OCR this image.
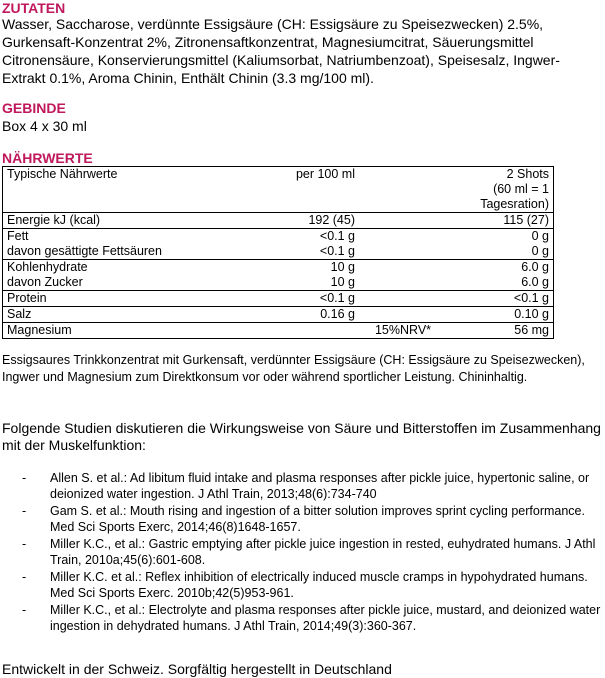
ZUTATEN

Wasser, Saccharose, verdünnte Essigsäure (CH: Essigsäure zu Speisezwecken) 2.5%, Gurkensaft-Konzentrat 2%, Zitronensaftkonzentrat, Magnesiumcitrat, Säuerungsmittel Citronensäure, Konservierungsmittel (Kaliumsorbat, Natriumbenzoat), Speisesalz, Ingwer-Extrakt 0.1%, Aroma Chinin, Enthält Chinin (3.3 mg/100 ml).

GEBINDE

Box 4 x 30 ml

NÄHRWERTE
Typische Nährwerte	per 100 ml		2 Shots
			(60 ml = 1 Tagesration)
Energie kJ (kcal)	192 (45)		115 (27)
Fett	<0.1 g		0 g
davon gesättigte Fettsäuren	<0.1 g		0 g
Kohlenhydrate	10 g		6.0 g
davon Zucker	10 g		6.0 g
Protein	<0.1 g		<0.1 g
Salz	0.16 g		0.10 g
Magnesium		15%NRV*	56 mg

Essigsaures Trinkkonzentrat mit Gurkensaft, verdünnter Essigsäure (CH: Essigsäure zu Speisezwecken), Ingwer und Magnesium zum Direktkonsum vor oder während sportlicher Leistung. Chininhaltig.

Folgende Studien diskutieren die Wirkungsweise von Säure und Bitterstoffen im Zusammenhang mit der Muskelfunktion:

- Allen S. et al.: Ad libitum fluid intake and plasma responses after pickle juice, hypertonic saline, or deionized water ingestion. J Athl Train, 2013;48(6):734-740
- Gam S. et al.: Mouth rising and ingestion of a bitter solution improves sprint cycling performance. Med Sci Sports Exerc, 2014;46(8)1648-1657.
- Miller K.C., et al.: Gastric emptying after pickle juice ingestion in rested, euhydrated humans. J Athl Train, 2010a;45(6):601-608.
- Miller K.C. et al.: Reflex inhibition of electrically induced muscle cramps in hypohydrated humans. Med Sci Sports Exerc. 2010b;42(5)953-961.
- Miller K.C., et al.: Electrolyte and plasma responses after pickle juice, mustard, and deionized water ingestion in dehydrated humans. J Athl Train, 2014;49(3):360-367.

Entwickelt in der Schweiz. Sorgfältig hergestellt in Deutschland
